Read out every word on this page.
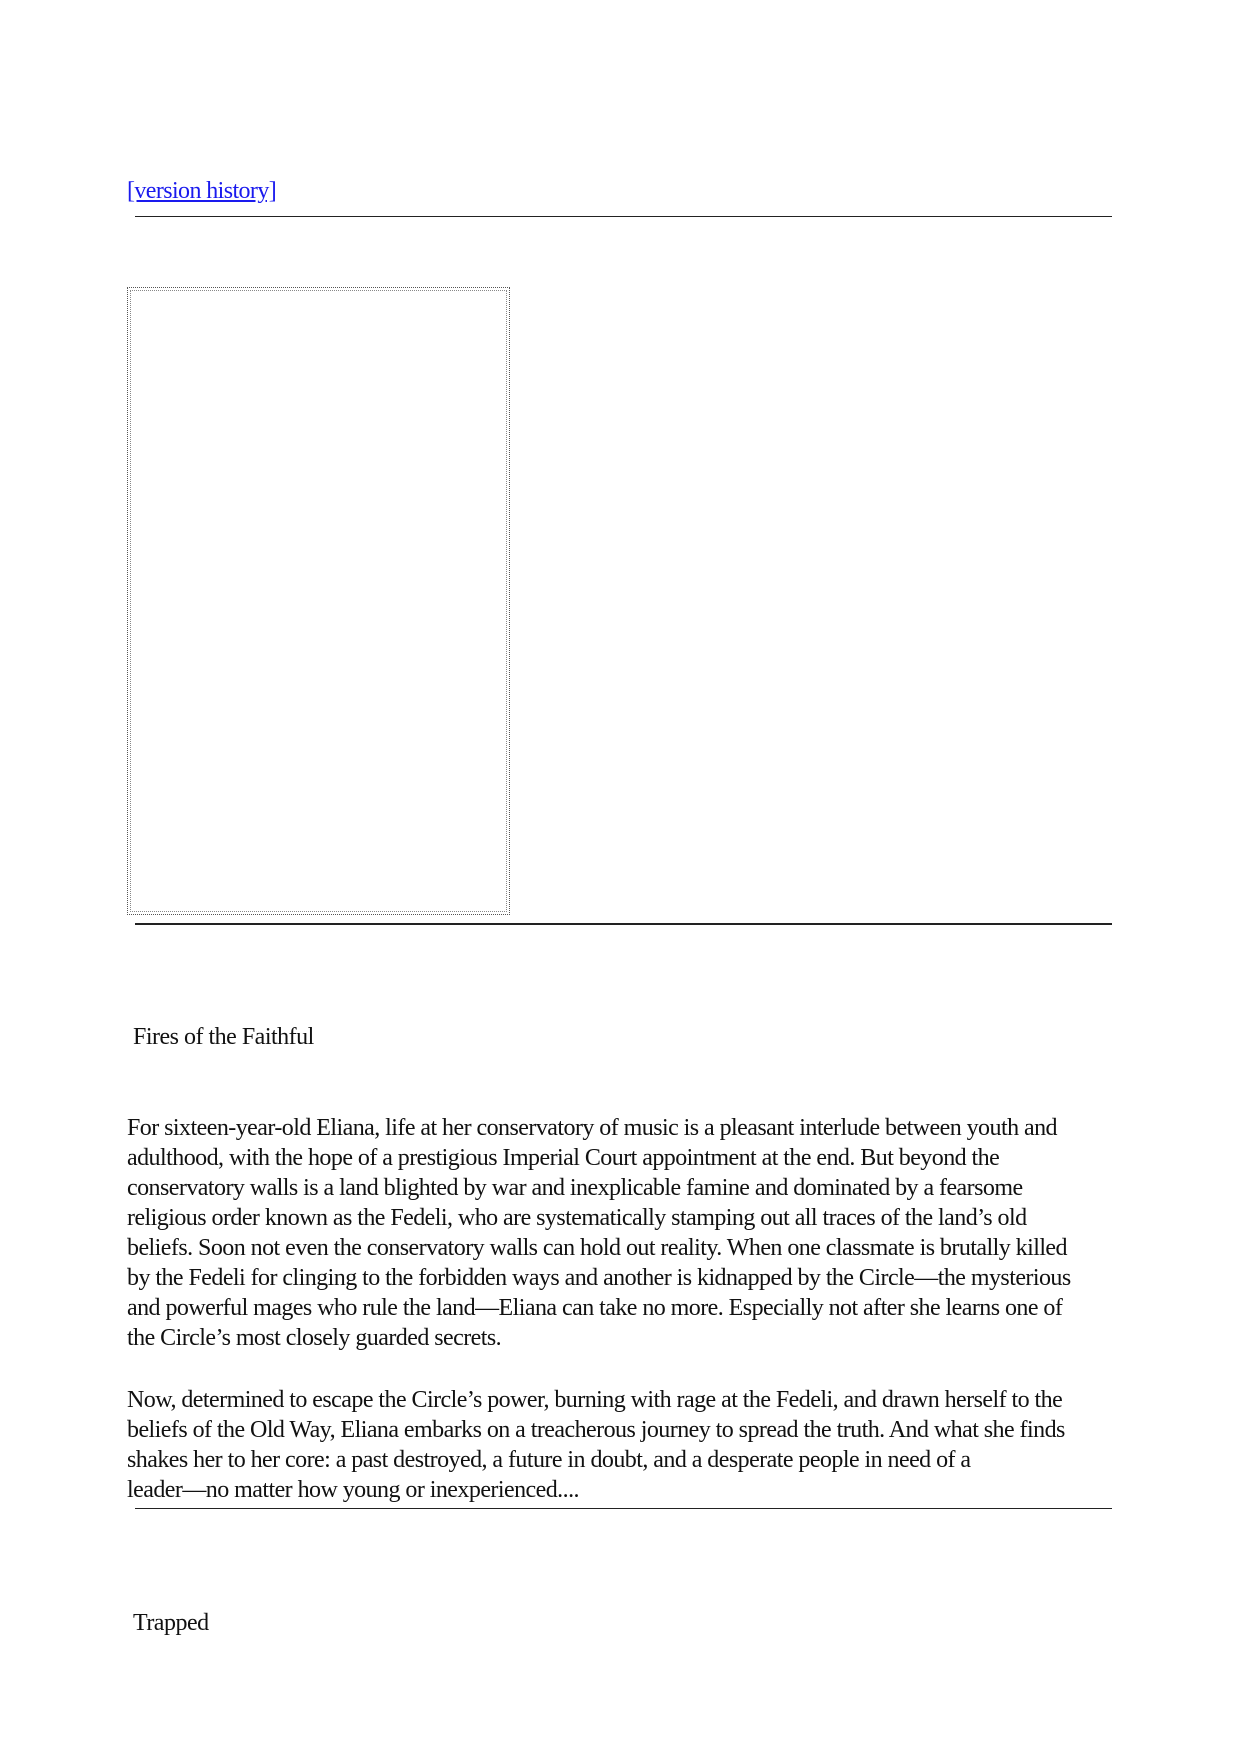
[version history]
Fires of the Faithful

For sixteen-year-old Eliana, life at her conservatory of music is a pleasant interlude between youth and
adulthood, with the hope of a prestigious Imperial Court appointment at the end. But beyond the
conservatory walls is a land blighted by war and inexplicable famine and dominated by a fearsome
religious order known as the Fedeli, who are systematically stamping out all traces of the land’s old
beliefs. Soon not even the conservatory walls can hold out reality. When one classmate is brutally killed
by the Fedeli for clinging to the forbidden ways and another is kidnapped by the Circle—the mysterious
and powerful mages who rule the land—Eliana can take no more. Especially not after she learns one of
the Circle’s most closely guarded secrets.

Now, determined to escape the Circle’s power, burning with rage at the Fedeli, and drawn herself to the
beliefs of the Old Way, Eliana embarks on a treacherous journey to spread the truth. And what she finds
shakes her to her core: a past destroyed, a future in doubt, and a desperate people in need of a
leader—no matter how young or inexperienced....

Trapped
